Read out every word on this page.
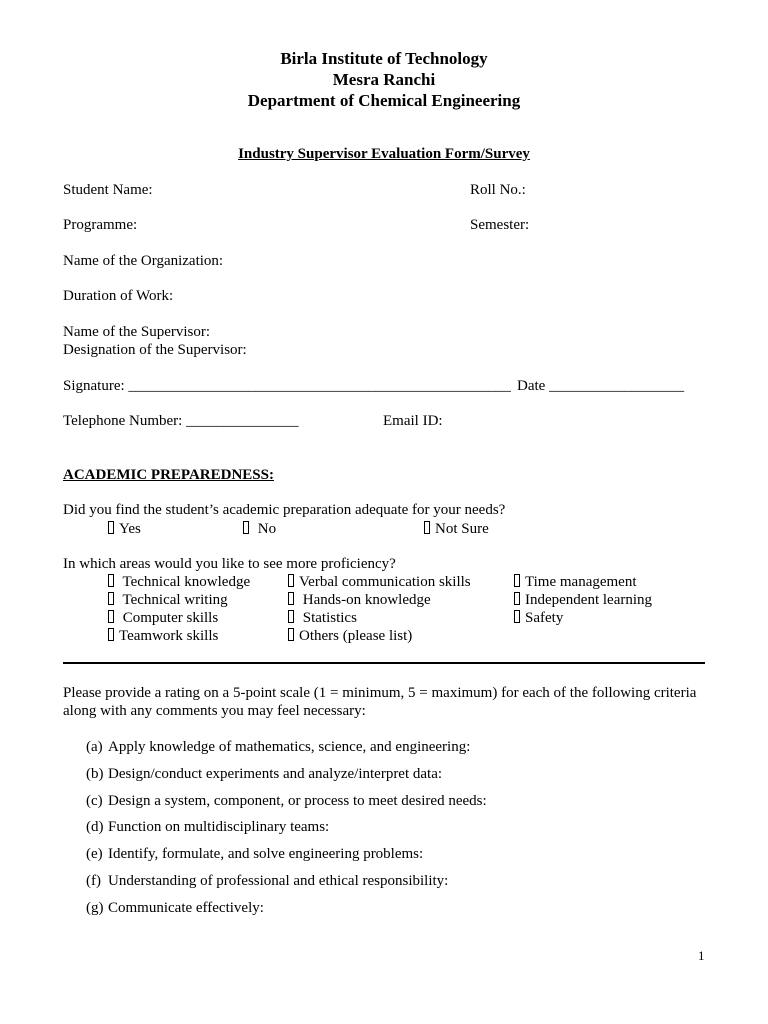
Birla Institute of Technology
Mesra Ranchi
Department of Chemical Engineering
Industry Supervisor Evaluation Form/Survey
Student Name:	Roll No.:
Programme:	Semester:
Name of the Organization:
Duration of Work:
Name of the Supervisor:
Designation of the Supervisor:
Signature: ___________________________________________________ Date __________________
Telephone Number: _______________	Email ID:
ACADEMIC PREPAREDNESS:
Did you find the student’s academic preparation adequate for your needs?
Yes	No	Not Sure
In which areas would you like to see more proficiency?
Technical knowledge	Verbal communication skills	Time management
Technical writing	Hands-on knowledge	Independent learning
Computer skills	Statistics	Safety
Teamwork skills	Others (please list)
Please provide a rating on a 5-point scale (1 = minimum, 5 = maximum) for each of the following criteria
along with any comments you may feel necessary:
(a) Apply knowledge of mathematics, science, and engineering:
(b) Design/conduct experiments and analyze/interpret data:
(c) Design a system, component, or process to meet desired needs:
(d) Function on multidisciplinary teams:
(e) Identify, formulate, and solve engineering problems:
(f) Understanding of professional and ethical responsibility:
(g) Communicate effectively:
1
